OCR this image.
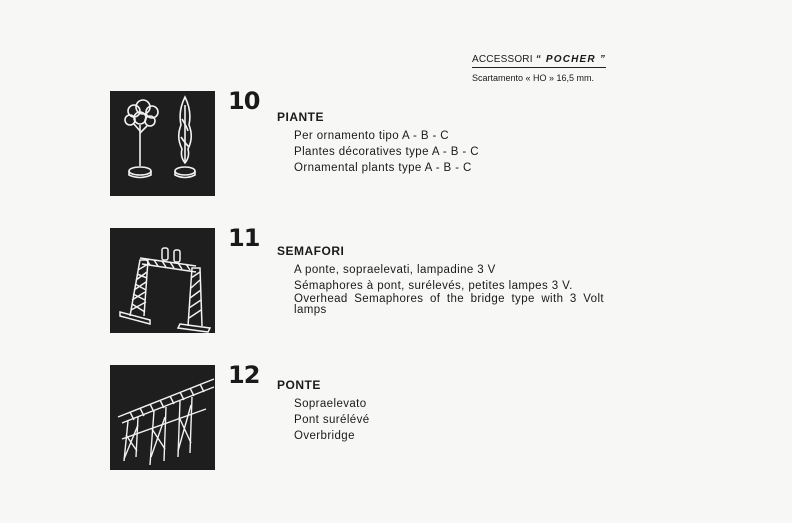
ACCESSORI “ POCHER ”
Scartamento « HO » 16,5 mm.
10
PIANTE
Per ornamento tipo A - B - C
Plantes décoratives type A - B - C
Ornamental plants type A - B - C
11 SEMAFORI
A ponte, sopraelevati, lampadine 3 V
Sémaphores à pont, surélevés, petites lampes 3 V.
Overhead Semaphores of the bridge type with 3 Volt lamps
12 PONTE
Sopraelevato
Pont surélévé
Overbridge
